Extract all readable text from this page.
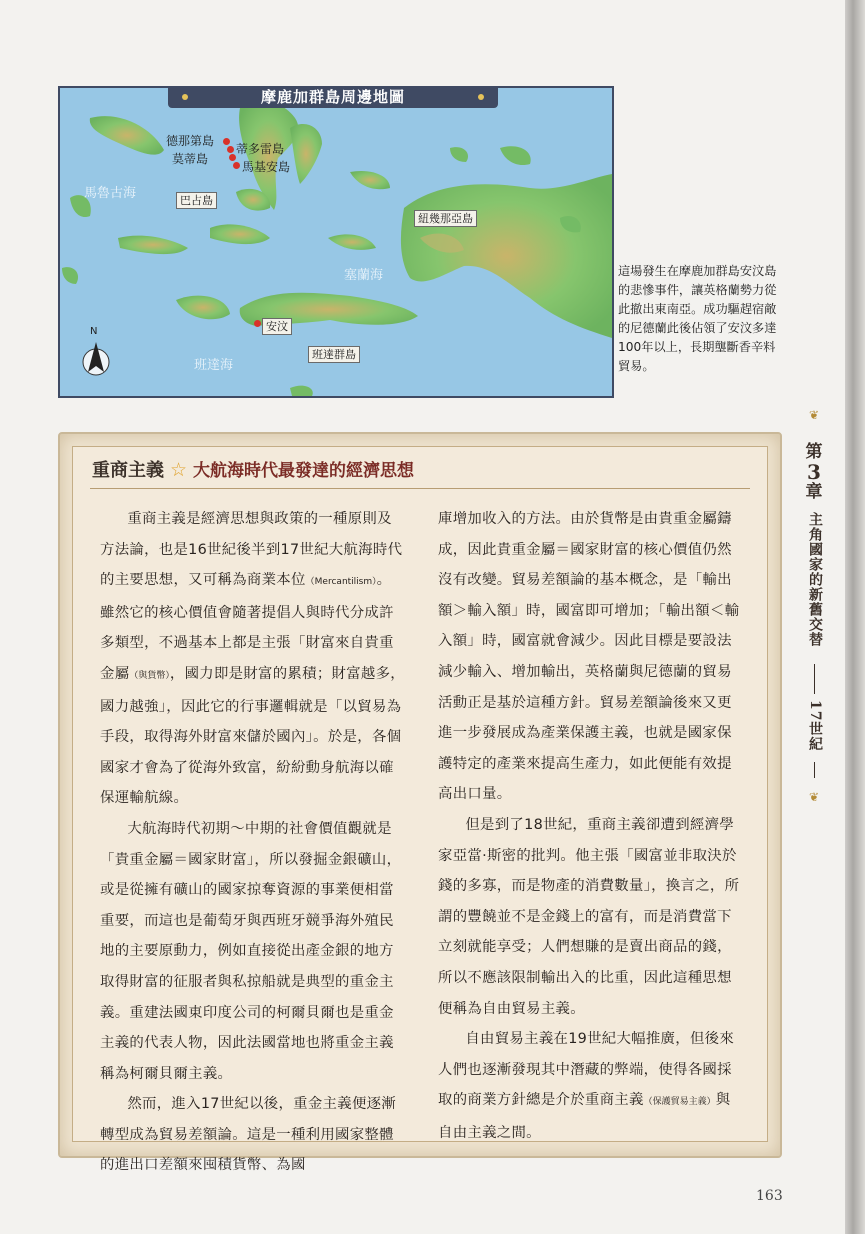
摩鹿加群島周邊地圖
德那第島
蒂多雷島
莫蒂島
馬基安島
巴占島
紐幾那亞島
安汶
班達群島
馬魯古海
塞蘭海
班達海
N
這場發生在摩鹿加群島安汶島的悲慘事件，讓英格蘭勢力從此撤出東南亞。成功驅趕宿敵的尼德蘭此後佔領了安汶多達100年以上，長期壟斷香辛料貿易。
❦
第
3
章
主角國家的新舊交替
17世紀
❦
重商主義 ☆ 大航海時代最發達的經濟思想

重商主義是經濟思想與政策的一種原則及方法論，也是16世紀後半到17世紀大航海時代的主要思想，又可稱為商業本位（Mercantilism）。雖然它的核心價值會隨著提倡人與時代分成許多類型，不過基本上都是主張「財富來自貴重金屬（與貨幣），國力即是財富的累積；財富越多，國力越強」，因此它的行事邏輯就是「以貿易為手段，取得海外財富來儲於國內」。於是，各個國家才會為了從海外致富，紛紛動身航海以確保運輸航線。

大航海時代初期～中期的社會價值觀就是「貴重金屬＝國家財富」，所以發掘金銀礦山，或是從擁有礦山的國家掠奪資源的事業便相當重要，而這也是葡萄牙與西班牙競爭海外殖民地的主要原動力，例如直接從出產金銀的地方取得財富的征服者與私掠船就是典型的重金主義。重建法國東印度公司的柯爾貝爾也是重金主義的代表人物，因此法國當地也將重金主義稱為柯爾貝爾主義。

然而，進入17世紀以後，重金主義便逐漸轉型成為貿易差額論。這是一種利用國家整體的進出口差額來囤積貨幣、為國

庫增加收入的方法。由於貨幣是由貴重金屬鑄成，因此貴重金屬＝國家財富的核心價值仍然沒有改變。貿易差額論的基本概念，是「輸出額＞輸入額」時，國富即可增加；「輸出額＜輸入額」時，國富就會減少。因此目標是要設法減少輸入、增加輸出，英格蘭與尼德蘭的貿易活動正是基於這種方針。貿易差額論後來又更進一步發展成為產業保護主義，也就是國家保護特定的產業來提高生產力，如此便能有效提高出口量。

但是到了18世紀，重商主義卻遭到經濟學家亞當·斯密的批判。他主張「國富並非取決於錢的多寡，而是物產的消費數量」，換言之，所謂的豐饒並不是金錢上的富有，而是消費當下立刻就能享受；人們想賺的是賣出商品的錢，所以不應該限制輸出入的比重，因此這種思想便稱為自由貿易主義。

自由貿易主義在19世紀大幅推廣，但後來人們也逐漸發現其中潛藏的弊端，使得各國採取的商業方針總是介於重商主義（保護貿易主義）與自由主義之間。

163
